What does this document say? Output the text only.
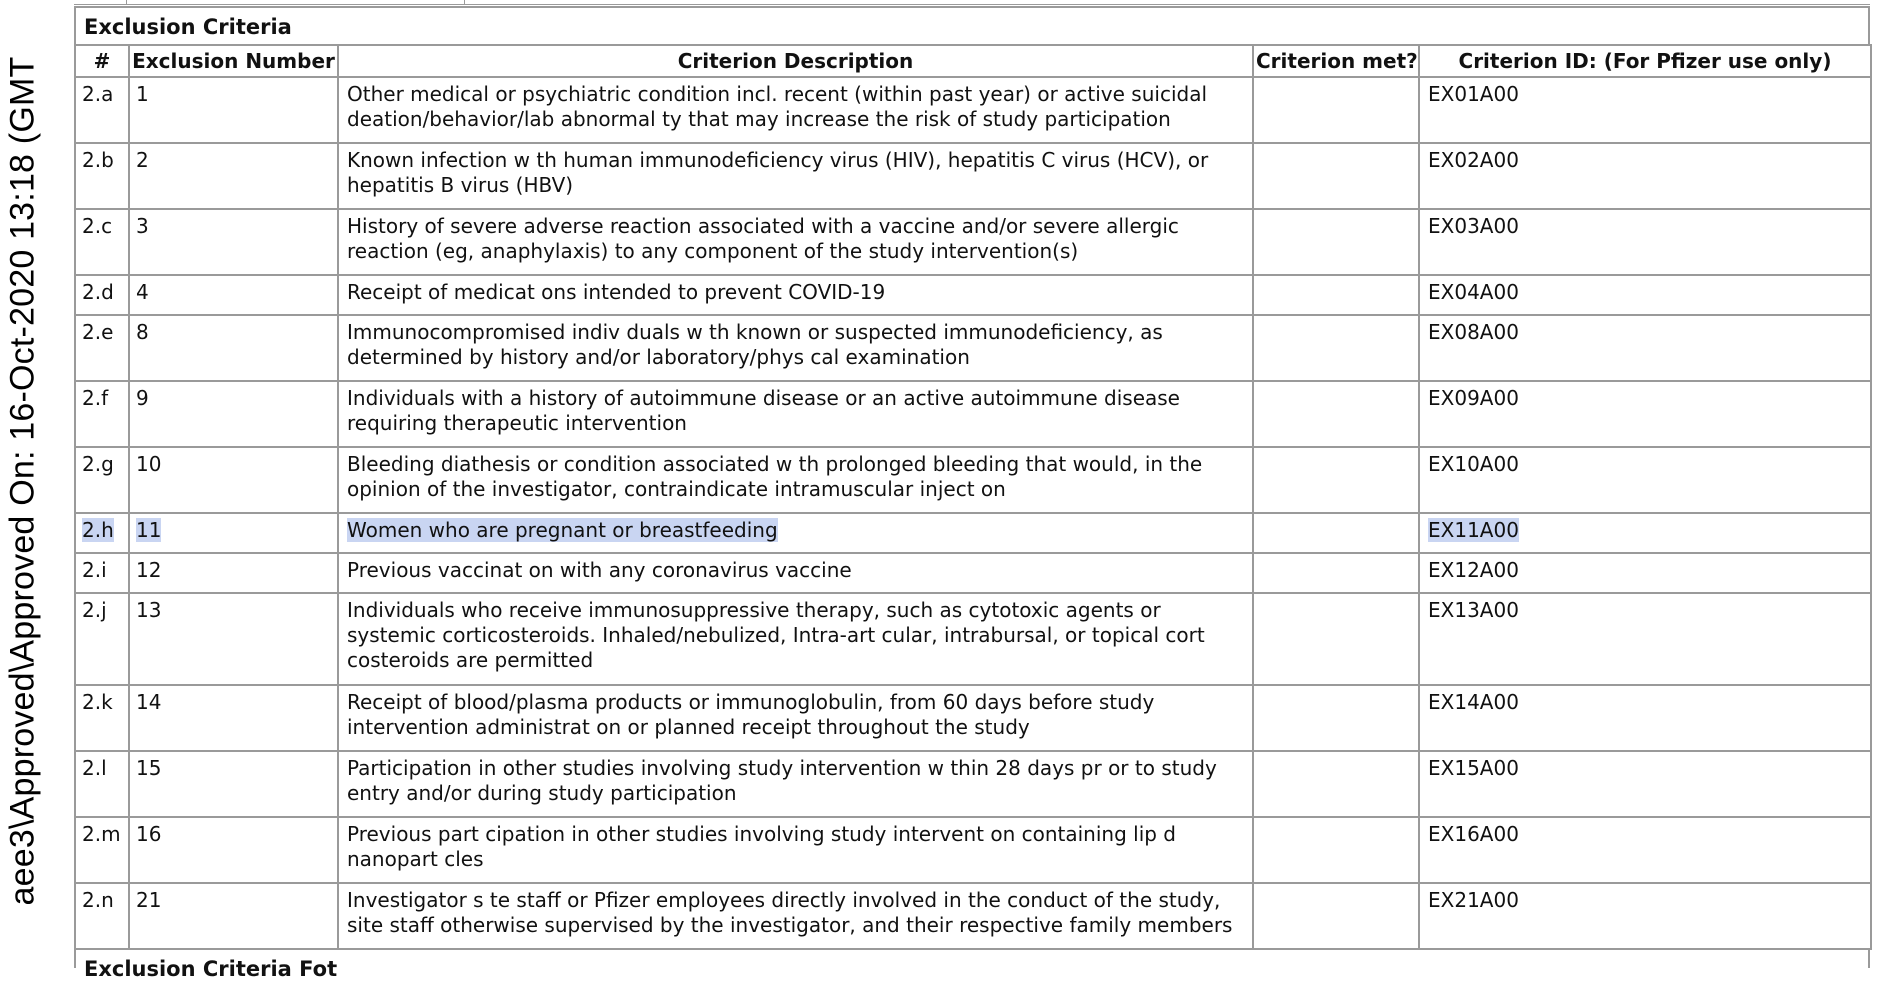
aee3\Approved\Approved On: 16-Oct-2020 13:18 (GMT
Exclusion Criteria
#	Exclusion Number	Criterion Description	Criterion met?	Criterion ID: (For Pfizer use only)
2.a	1	Other medical or psychiatric condition incl. recent (within past year) or active suicidal deation/behavior/lab abnormal ty that may increase the risk of study participation		EX01A00
2.b	2	Known infection w th human immunodeficiency virus (HIV), hepatitis C virus (HCV), or hepatitis B virus (HBV)		EX02A00
2.c	3	History of severe adverse reaction associated with a vaccine and/or severe allergic reaction (eg, anaphylaxis) to any component of the study intervention(s)		EX03A00
2.d	4	Receipt of medicat ons intended to prevent COVID-19		EX04A00
2.e	8	Immunocompromised indiv duals w th known or suspected immunodeficiency, as determined by history and/or laboratory/phys cal examination		EX08A00
2.f	9	Individuals with a history of autoimmune disease or an active autoimmune disease requiring therapeutic intervention		EX09A00
2.g	10	Bleeding diathesis or condition associated w th prolonged bleeding that would, in the opinion of the investigator, contraindicate intramuscular inject on		EX10A00
2.h	11	Women who are pregnant or breastfeeding		EX11A00
2.i	12	Previous vaccinat on with any coronavirus vaccine		EX12A00
2.j	13	Individuals who receive immunosuppressive therapy, such as cytotoxic agents or systemic corticosteroids. Inhaled/nebulized, Intra-art cular, intrabursal, or topical cort costeroids are permitted		EX13A00
2.k	14	Receipt of blood/plasma products or immunoglobulin, from 60 days before study intervention administrat on or planned receipt throughout the study		EX14A00
2.l	15	Participation in other studies involving study intervention w thin 28 days pr or to study entry and/or during study participation		EX15A00
2.m	16	Previous part cipation in other studies involving study intervent on containing lip d nanopart cles		EX16A00
2.n	21	Investigator s te staff or Pfizer employees directly involved in the conduct of the study, site staff otherwise supervised by the investigator, and their respective family members		EX21A00
Exclusion Criteria Fot
